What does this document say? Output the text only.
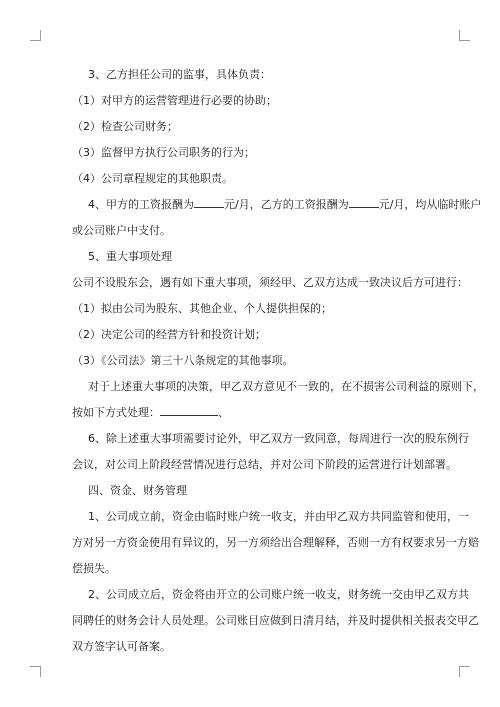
3、乙方担任公司的监事，具体负责：

（1）对甲方的运营管理进行必要的协助；

（2）检查公司财务；

（3）监督甲方执行公司职务的行为；

（4）公司章程规定的其他职责。

4、甲方的工资报酬为	元/月，乙方的工资报酬为	元/月，均从临时账户

或公司账户中支付。

5、重大事项处理

公司不设股东会，遇有如下重大事项，须经甲、乙双方达成一致决议后方可进行：

（1）拟由公司为股东、其他企业、个人提供担保的；

（2）决定公司的经营方针和投资计划；

（3）《公司法》第三十八条规定的其他事项。

对于上述重大事项的决策，甲乙双方意见不一致的，在不损害公司利益的原则下，

按如下方式处理：	、

6、除上述重大事项需要讨论外，甲乙双方一致同意，每周进行一次的股东例行

会议，对公司上阶段经营情况进行总结，并对公司下阶段的运营进行计划部署。

四、资金、财务管理

1、公司成立前，资金由临时账户统一收支，并由甲乙双方共同监管和使用，一

方对另一方资金使用有异议的，另一方须给出合理解释，否则一方有权要求另一方赔

偿损失。

2、公司成立后，资金将由开立的公司账户统一收支，财务统一交由甲乙双方共

同聘任的财务会计人员处理。公司账目应做到日清月结，并及时提供相关报表交甲乙

双方签字认可备案。
